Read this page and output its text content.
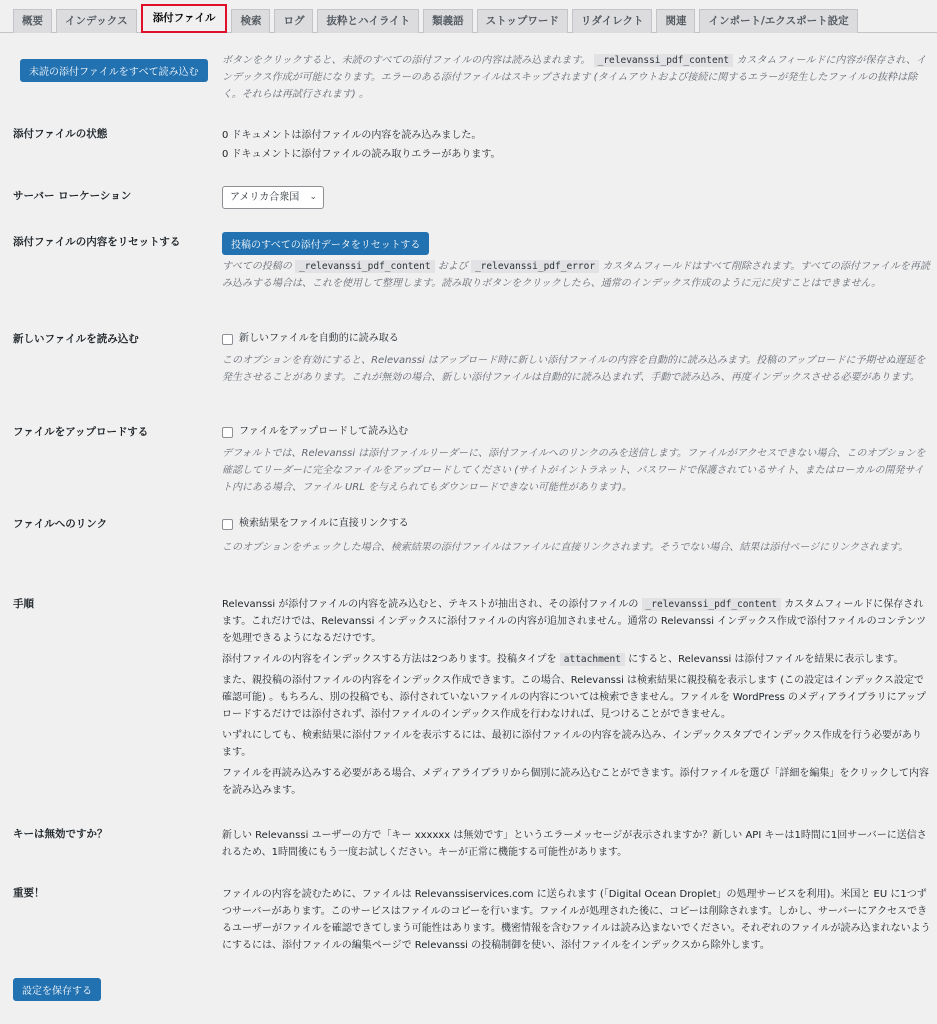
概要	インデックス	添付ファイル	検索	ログ	抜粋とハイライト	類義語	ストップワード	リダイレクト	関連	インポート/エクスポート設定
未読の添付ファイルをすべて読み込む
ボタンをクリックすると、未読のすべての添付ファイルの内容は読み込まれます。 _relevanssi_pdf_content カスタムフィールドに内容が保存され、インデックス作成が可能になります。エラーのある添付ファイルはスキップされます (タイムアウトおよび接続に関するエラーが発生したファイルの抜粋は除く。それらは再試行されます) 。
添付ファイルの状態	0 ドキュメントは添付ファイルの内容を読み込みました。
0 ドキュメントに添付ファイルの読み取りエラーがあります。
サーバー ローケーション	アメリカ合衆国 ⌄
添付ファイルの内容をリセットする	投稿のすべての添付データをリセットする
すべての投稿の _relevanssi_pdf_content および _relevanssi_pdf_error カスタムフィールドはすべて削除されます。すべての添付ファイルを再読み込みする場合は、これを使用して整理します。読み取りボタンをクリックしたら、通常のインデックス作成のように元に戻すことはできません。
新しいファイルを読み込む	新しいファイルを自動的に読み取る
このオプションを有効にすると、Relevanssi はアップロード時に新しい添付ファイルの内容を自動的に読み込みます。投稿のアップロードに予期せぬ遅延を発生させることがあります。これが無効の場合、新しい添付ファイルは自動的に読み込まれず、手動で読み込み、再度インデックスさせる必要があります。
ファイルをアップロードする	ファイルをアップロードして読み込む
デフォルトでは、Relevanssi は添付ファイルリーダーに、添付ファイルへのリンクのみを送信します。ファイルがアクセスできない場合、このオプションを確認してリーダーに完全なファイルをアップロードしてください (サイトがイントラネット、パスワードで保護されているサイト、またはローカルの開発サイト内にある場合、ファイル URL を与えられてもダウンロードできない可能性があります)。
ファイルへのリンク	検索結果をファイルに直接リンクする
このオプションをチェックした場合、検索結果の添付ファイルはファイルに直接リンクされます。そうでない場合、結果は添付ページにリンクされます。
手順	Relevanssi が添付ファイルの内容を読み込むと、テキストが抽出され、その添付ファイルの _relevanssi_pdf_content カスタムフィールドに保存されます。これだけでは、Relevanssi インデックスに添付ファイルの内容が追加されません。通常の Relevanssi インデックス作成で添付ファイルのコンテンツを処理できるようになるだけです。

添付ファイルの内容をインデックスする方法は2つあります。投稿タイプを attachment にすると、Relevanssi は添付ファイルを結果に表示します。

また、親投稿の添付ファイルの内容をインデックス作成できます。この場合、Relevanssi は検索結果に親投稿を表示します (この設定はインデックス設定で確認可能) 。もちろん、別の投稿でも、添付されていないファイルの内容については検索できません。ファイルを WordPress のメディアライブラリにアップロードするだけでは添付されず、添付ファイルのインデックス作成を行わなければ、見つけることができません。

いずれにしても、検索結果に添付ファイルを表示するには、最初に添付ファイルの内容を読み込み、インデックスタブでインデックス作成を行う必要があります。

ファイルを再読み込みする必要がある場合、メディアライブラリから個別に読み込むことができます。添付ファイルを選び「詳細を編集」をクリックして内容を読み込みます。

キーは無効ですか？	新しい Relevanssi ユーザーの方で「キー xxxxxx は無効です」というエラーメッセージが表示されますか？新しい API キーは1時間に1回サーバーに送信されるため、1時間後にもう一度お試しください。キーが正常に機能する可能性があります。
重要！	ファイルの内容を読むために、ファイルは Relevanssiservices.com に送られます (「Digital Ocean Droplet」の処理サービスを利用)。米国と EU に1つずつサーバーがあります。このサービスはファイルのコピーを行います。ファイルが処理された後に、コピーは削除されます。しかし、サーバーにアクセスできるユーザーがファイルを確認できてしまう可能性はあります。機密情報を含むファイルは読み込まないでください。それぞれのファイルが読み込まれないようにするには、添付ファイルの編集ページで Relevanssi の投稿制御を使い、添付ファイルをインデックスから除外します。
設定を保存する
